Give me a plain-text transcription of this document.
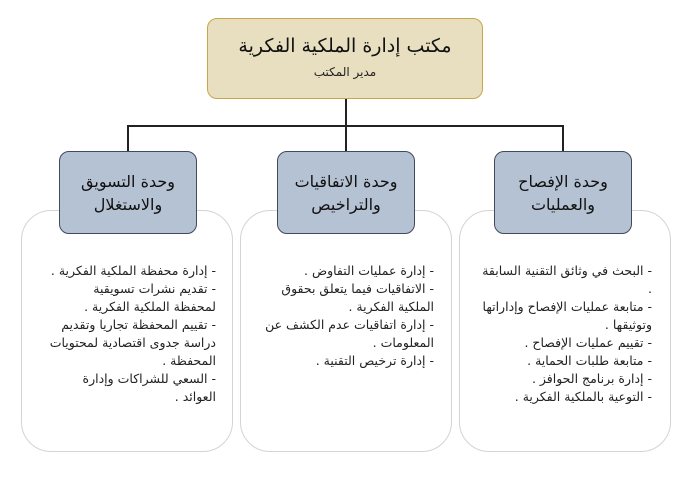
مكتب إدارة الملكية الفكرية
مدير المكتب
وحدة الإفصاح
والعمليات
وحدة الاتفاقيات
والتراخيص
وحدة التسويق
والاستغلال
- البحث في وثائق التقنية السابقة .
- متابعة عمليات الإفصاح وإداراتها وتوثيقها .
- تقييم عمليات الإفصاح .
- متابعة طلبات الحماية .
- إدارة برنامج الحوافز .
- التوعية بالملكية الفكرية .
- إدارة عمليات التفاوض .
- الاتفاقيات فيما يتعلق بحقوق الملكية الفكرية .
- إدارة اتفاقيات عدم الكشف عن المعلومات .
- إدارة ترخيص التقنية .
- إدارة محفظة الملكية الفكرية .
- تقديم نشرات تسويقية لمحفظة الملكية الفكرية .
- تقييم المحفظة تجاريا وتقديم دراسة جدوى اقتصادية لمحتويات المحفظة .
- السعي للشراكات وإدارة العوائد .
